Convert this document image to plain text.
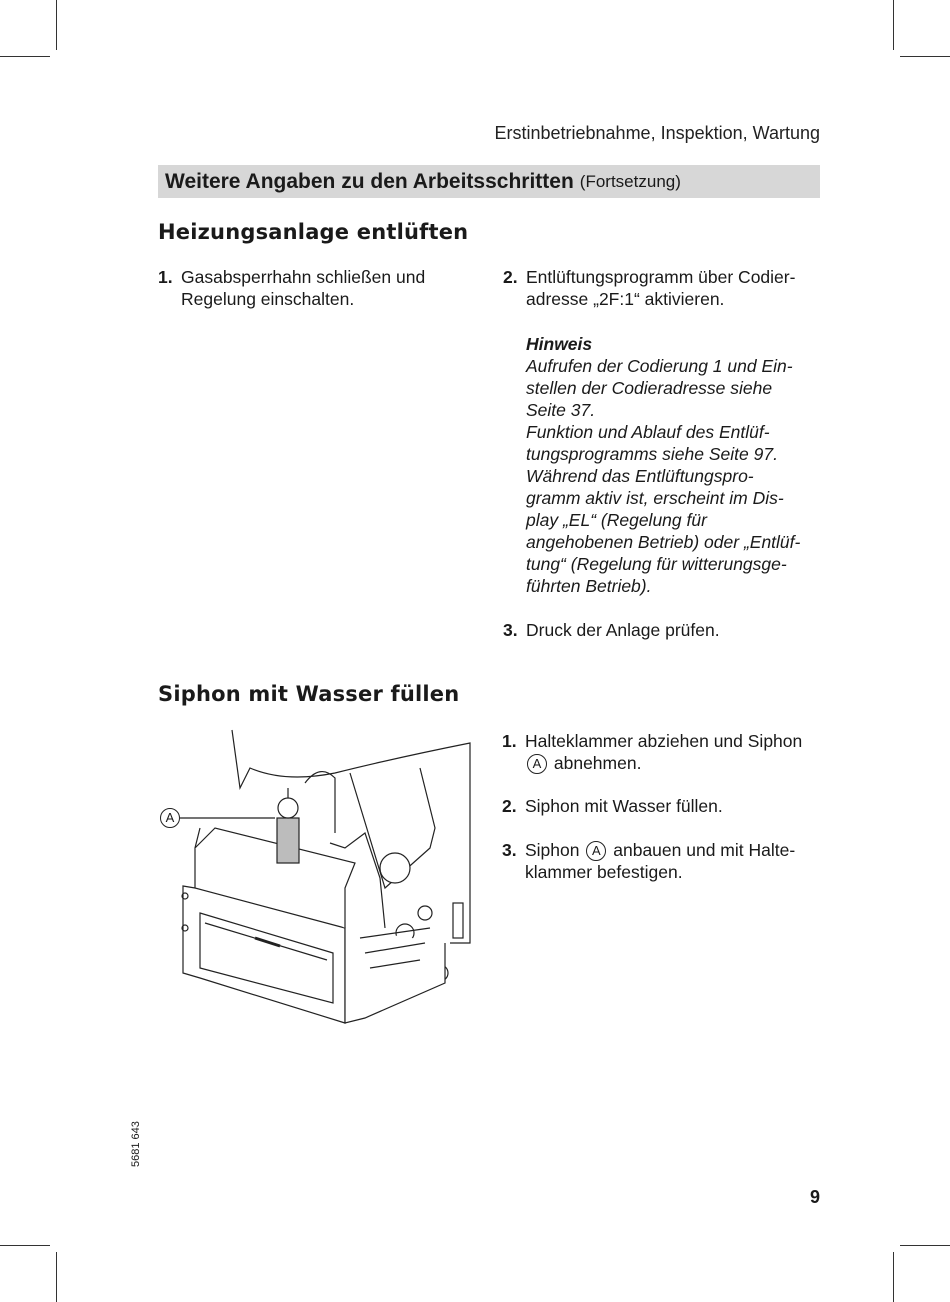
Erstinbetriebnahme, Inspektion, Wartung
Weitere Angaben zu den Arbeitsschritten (Fortsetzung)
Heizungsanlage entlüften
1. Gasabsperrhahn schließen und
Regelung einschalten.
2. Entlüftungsprogramm über Codier-
adresse „2F:1“ aktivieren.
Hinweis
Aufrufen der Codierung 1 und Ein-
stellen der Codieradresse siehe
Seite 37.
Funktion und Ablauf des Entlüf-
tungsprogramms siehe Seite 97.
Während das Entlüftungspro-
gramm aktiv ist, erscheint im Dis-
play „EL“ (Regelung für
angehobenen Betrieb) oder „Entlüf-
tung“ (Regelung für witterungsge-
führten Betrieb).
3. Druck der Anlage prüfen.
Siphon mit Wasser füllen
A
1. Halteklammer abziehen und Siphon
A abnehmen.
2. Siphon mit Wasser füllen.
3. Siphon A anbauen und mit Halte-
klammer befestigen.
5681 643
9
